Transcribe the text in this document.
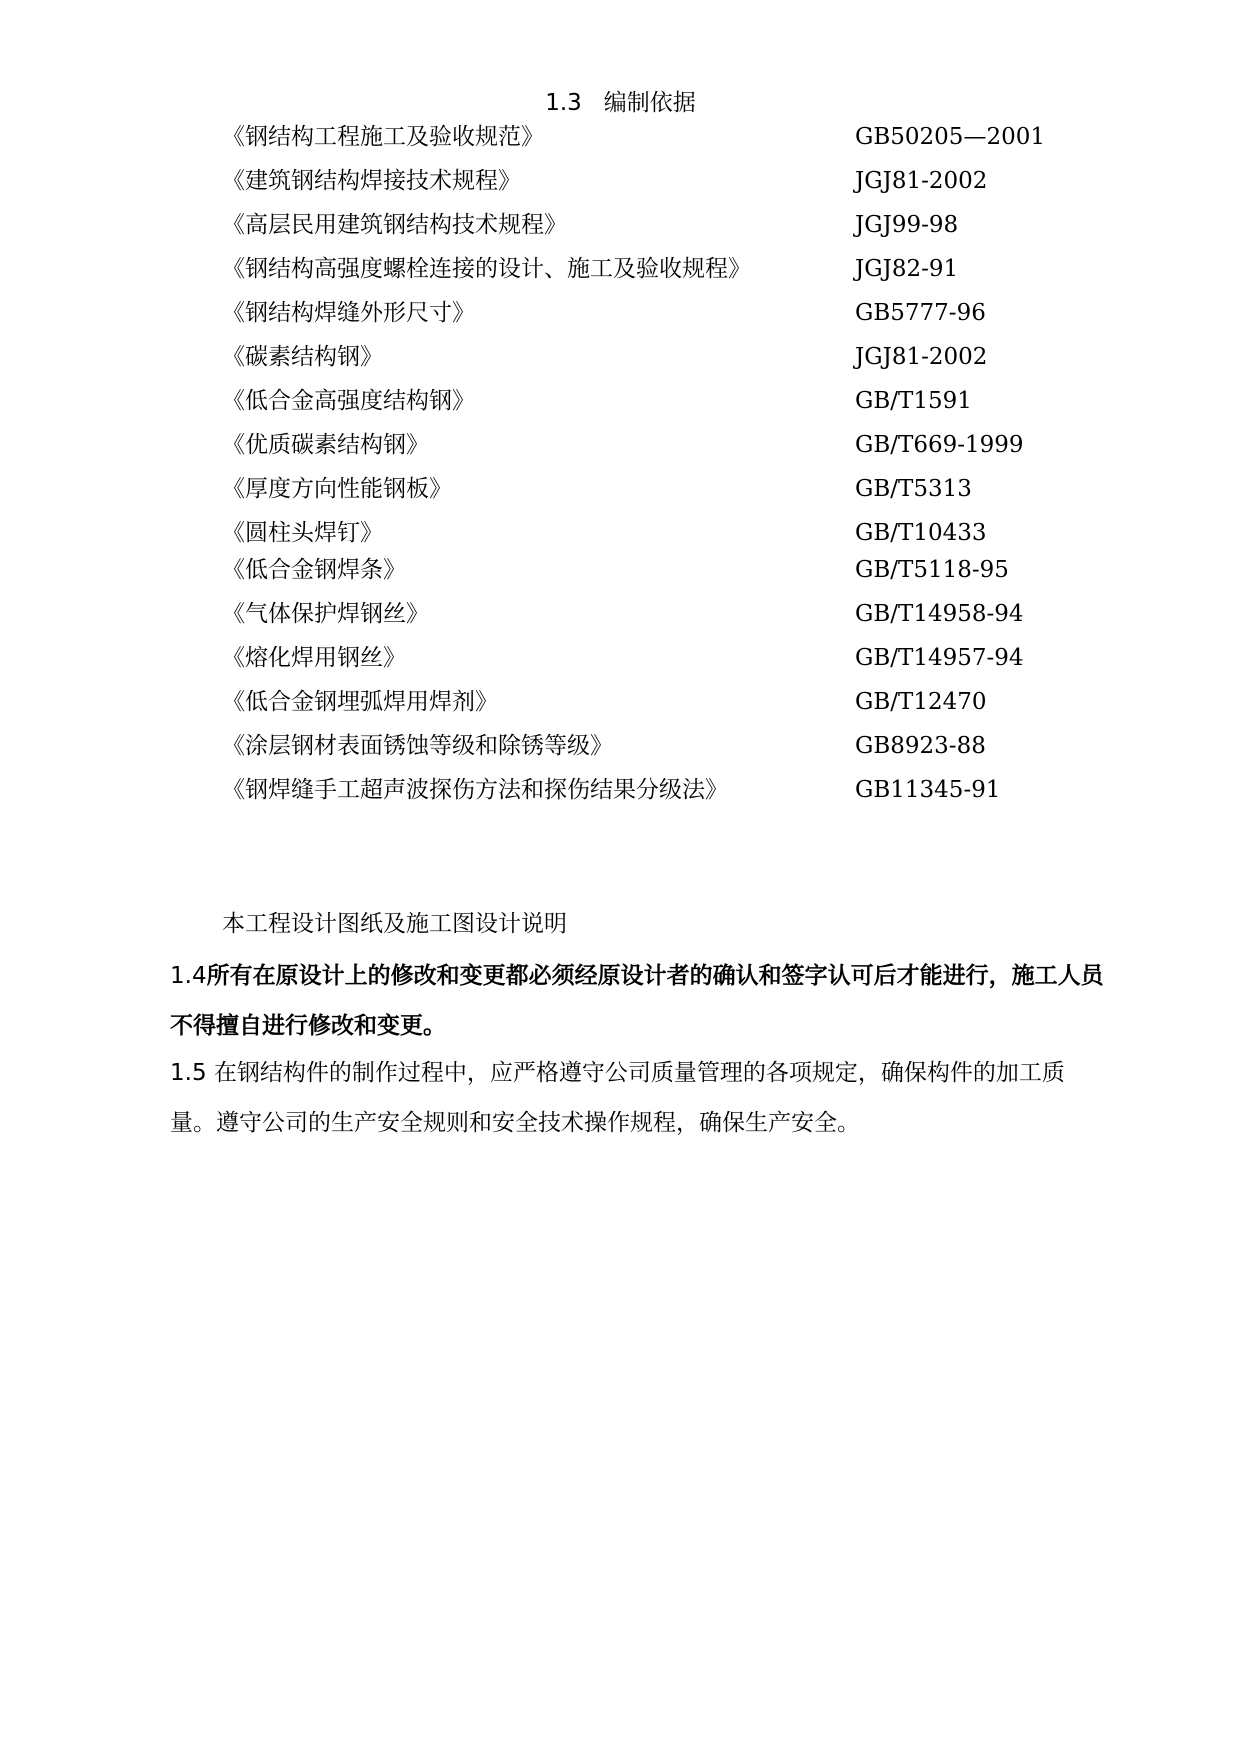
1.3 编制依据
《钢结构工程施工及验收规范》	GB50205—2001
《建筑钢结构焊接技术规程》	JGJ81-2002
《高层民用建筑钢结构技术规程》	JGJ99-98
《钢结构高强度螺栓连接的设计、施工及验收规程》	JGJ82-91
《钢结构焊缝外形尺寸》	GB5777-96
《碳素结构钢》	JGJ81-2002
《低合金高强度结构钢》	GB/T1591
《优质碳素结构钢》	GB/T669-1999
《厚度方向性能钢板》	GB/T5313
《圆柱头焊钉》	GB/T10433
《低合金钢焊条》	GB/T5118-95
《气体保护焊钢丝》	GB/T14958-94
《熔化焊用钢丝》	GB/T14957-94
《低合金钢埋弧焊用焊剂》	GB/T12470
《涂层钢材表面锈蚀等级和除锈等级》	GB8923-88
《钢焊缝手工超声波探伤方法和探伤结果分级法》	GB11345-91
本工程设计图纸及施工图设计说明
1.4所有在原设计上的修改和变更都必须经原设计者的确认和签字认可后才能进行，施工人员不得擅自进行修改和变更。
1.5 在钢结构件的制作过程中，应严格遵守公司质量管理的各项规定，确保构件的加工质量。遵守公司的生产安全规则和安全技术操作规程，确保生产安全。
